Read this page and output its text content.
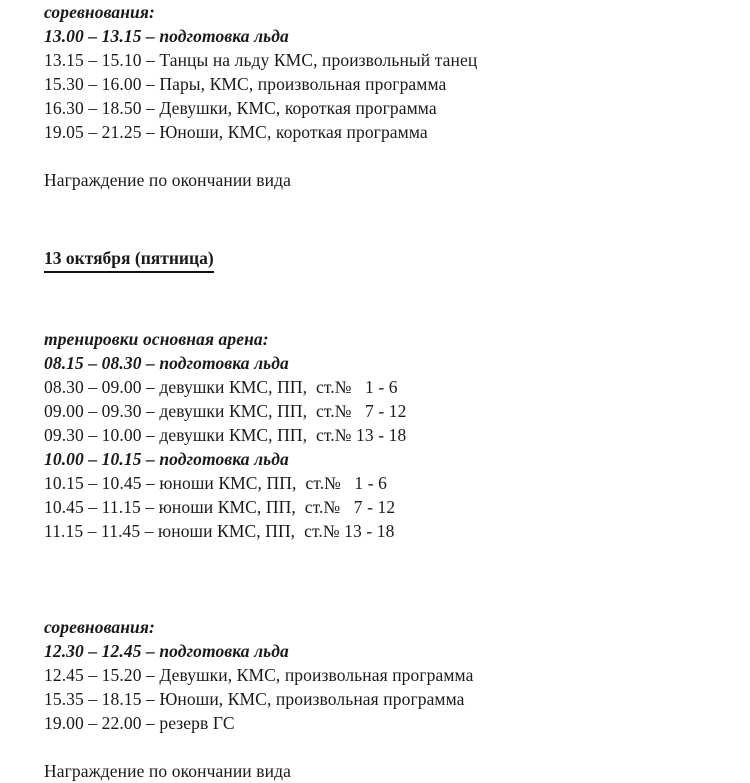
соревнования:
13.00 – 13.15 – подготовка льда
13.15 – 15.10 – Танцы на льду КМС, произвольный танец
15.30 – 16.00 – Пары, КМС, произвольная программа
16.30 – 18.50 – Девушки, КМС, короткая программа
19.05 – 21.25 – Юноши, КМС, короткая программа
Награждение по окончании вида
13 октября (пятница)
тренировки основная арена:
08.15 – 08.30 – подготовка льда
08.30 – 09.00 – девушки КМС, ПП,  ст.№   1 - 6
09.00 – 09.30 – девушки КМС, ПП,  ст.№   7 - 12
09.30 – 10.00 – девушки КМС, ПП,  ст.№ 13 - 18
10.00 – 10.15 – подготовка льда
10.15 – 10.45 – юноши КМС, ПП,  ст.№   1 - 6
10.45 – 11.15 – юноши КМС, ПП,  ст.№   7 - 12
11.15 – 11.45 – юноши КМС, ПП,  ст.№ 13 - 18
соревнования:
12.30 – 12.45 – подготовка льда
12.45 – 15.20 – Девушки, КМС, произвольная программа
15.35 – 18.15 – Юноши, КМС, произвольная программа
19.00 – 22.00 – резерв ГС
Награждение по окончании вида
